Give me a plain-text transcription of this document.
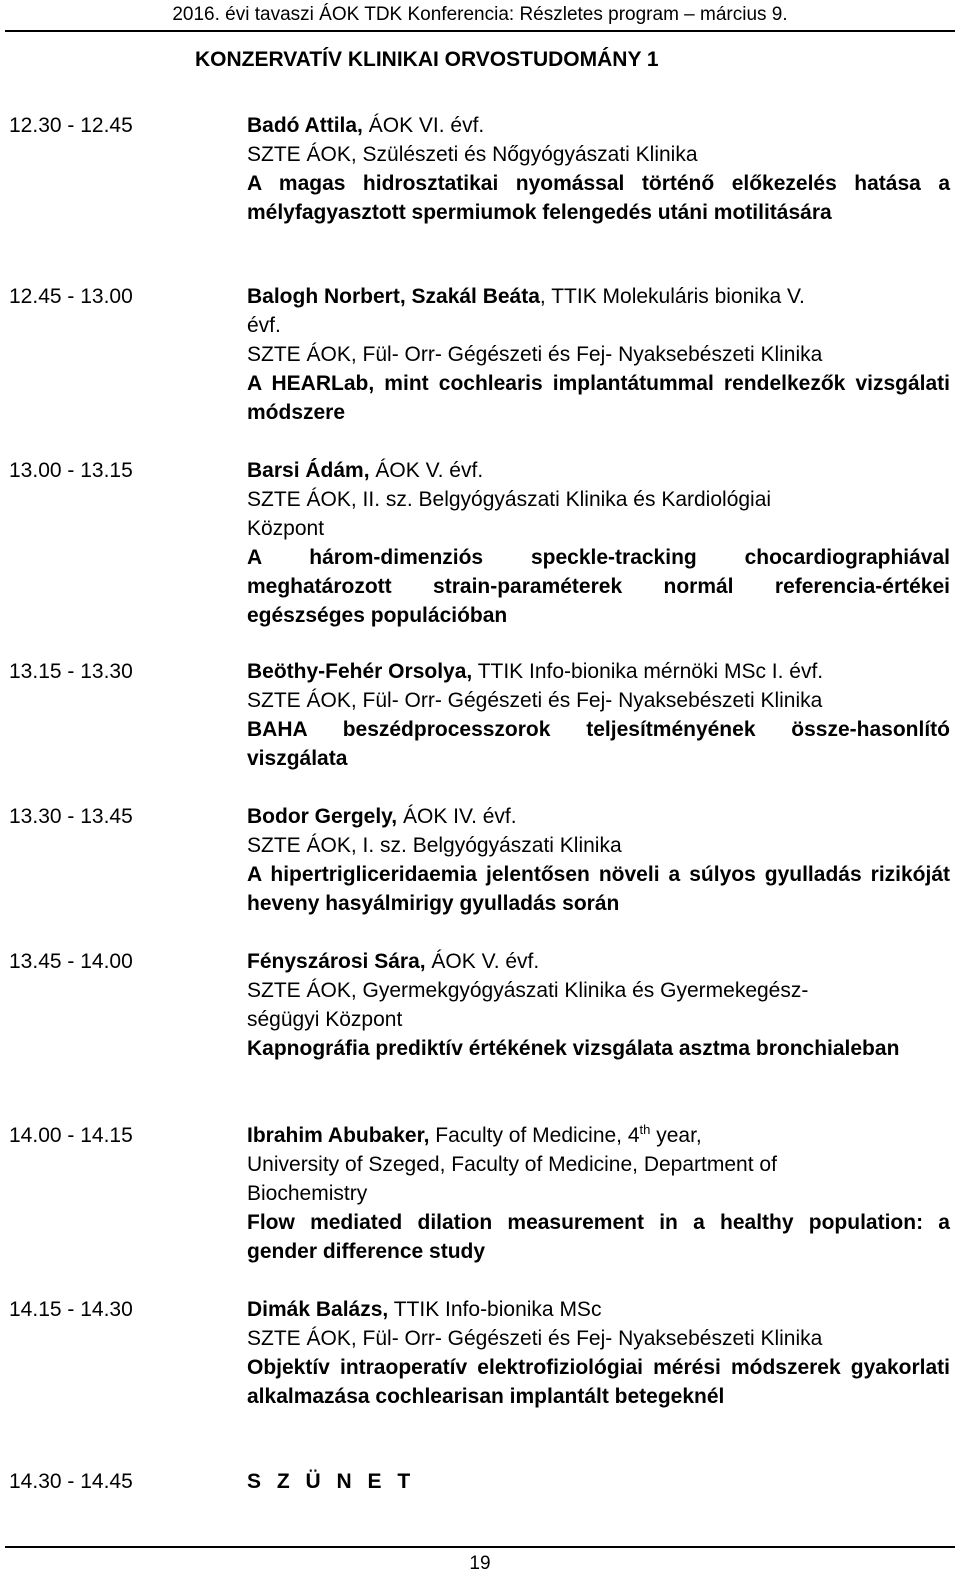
2016. évi tavaszi ÁOK TDK Konferencia: Részletes program – március 9.
KONZERVATÍV KLINIKAI ORVOSTUDOMÁNY 1
12.30 - 12.45	Badó Attila, ÁOK VI. évf.
SZTE ÁOK, Szülészeti és Nőgyógyászati Klinika
A magas hidrosztatikai nyomással történő előkezelés hatása a mélyfagyasztott spermiumok felengedés utáni motilitására
12.45 - 13.00	Balogh Norbert, Szakál Beáta, TTIK Molekuláris bionika V.
évf.
SZTE ÁOK, Fül- Orr- Gégészeti és Fej- Nyaksebészeti Klinika
A HEARLab, mint cochlearis implantátummal rendelkezők vizsgálati módszere
13.00 - 13.15	Barsi Ádám, ÁOK V. évf.
SZTE ÁOK, II. sz. Belgyógyászati Klinika és Kardiológiai
Központ
A három-dimenziós speckle-tracking chocardiographiával meghatározott strain-paraméterek normál referencia-értékei egészséges populációban
13.15 - 13.30	Beöthy-Fehér Orsolya, TTIK Info-bionika mérnöki MSc I. évf.
SZTE ÁOK, Fül- Orr- Gégészeti és Fej- Nyaksebészeti Klinika
BAHA beszédprocesszorok teljesítményének össze-hasonlító viszgálata
13.30 - 13.45	Bodor Gergely, ÁOK IV. évf.
SZTE ÁOK, I. sz. Belgyógyászati Klinika
A hipertrigliceridaemia jelentősen növeli a súlyos gyulladás rizikóját heveny hasyálmirigy gyulladás során
13.45 - 14.00	Fényszárosi Sára, ÁOK V. évf.
SZTE ÁOK, Gyermekgyógyászati Klinika és Gyermekegész-
ségügyi Központ
Kapnográfia prediktív értékének vizsgálata asztma bronchialeban
14.00 - 14.15	Ibrahim Abubaker, Faculty of Medicine, 4th year,
University of Szeged, Faculty of Medicine, Department of
Biochemistry
Flow mediated dilation measurement in a healthy population: a gender difference study
14.15 - 14.30	Dimák Balázs, TTIK Info-bionika MSc
SZTE ÁOK, Fül- Orr- Gégészeti és Fej- Nyaksebészeti Klinika
Objektív intraoperatív elektrofiziológiai mérési módszerek gyakorlati alkalmazása cochlearisan implantált betegeknél
14.30 - 14.45	S Z Ü N E T
19
